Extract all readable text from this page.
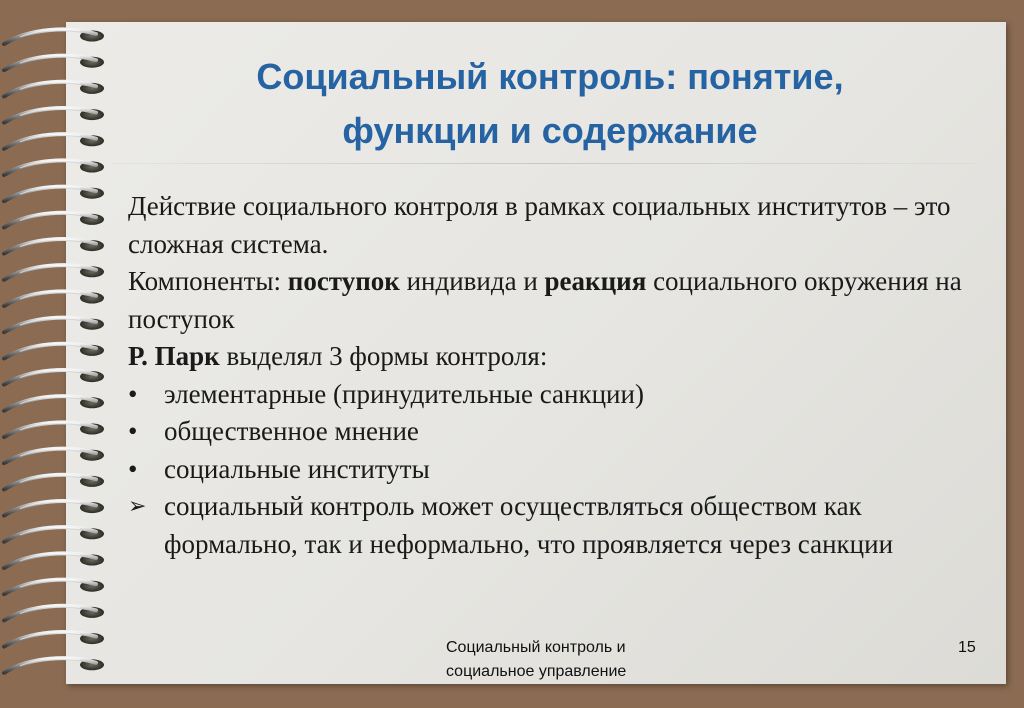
Социальный контроль: понятие,
функции и содержание

Действие социального контроля в рамках социальных институтов – это сложная система.

Компоненты: поступок индивида и реакция социального окружения на поступок

Р. Парк выделял 3 формы контроля:

• элементарные (принудительные санкции)
• общественное мнение
• социальные институты
➢ социальный контроль может осуществляться обществом как формально, так и неформально, что проявляется через санкции
Социальный контроль и
социальное управление
15
